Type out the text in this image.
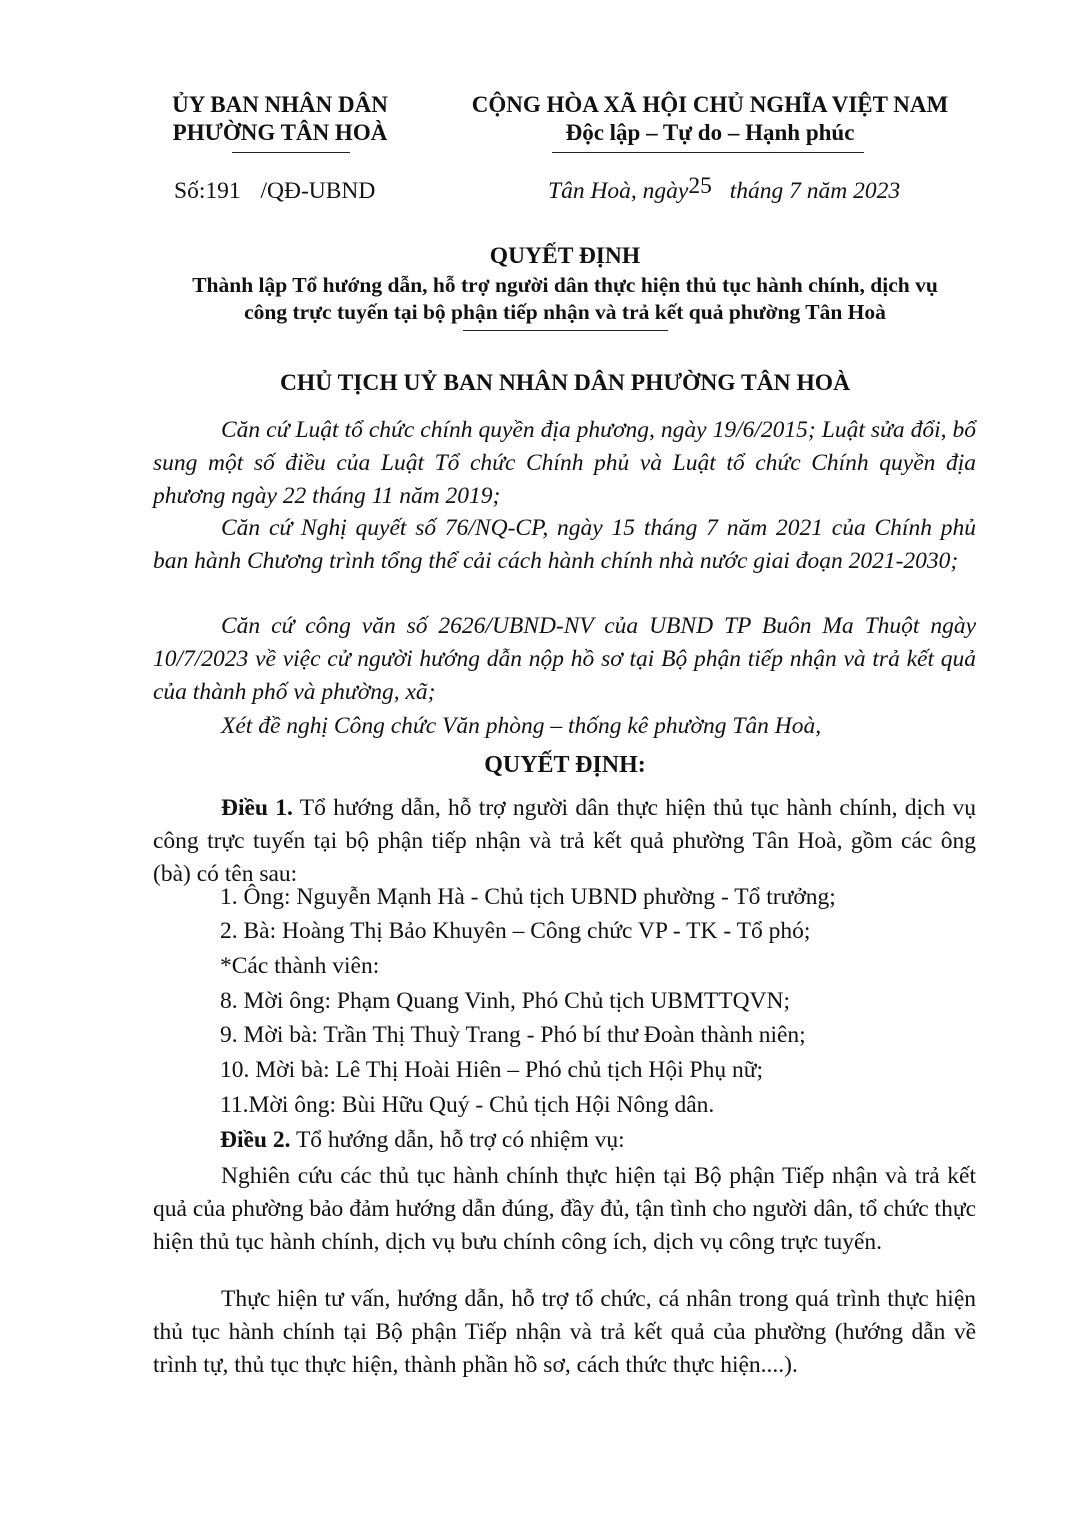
ỦY BAN NHÂN DÂN
PHƯỜNG TÂN HOÀ
CỘNG HÒA XÃ HỘI CHỦ NGHĨA VIỆT NAM
Độc lập – Tự do – Hạnh phúc
Số:191 /QĐ-UBND	Tân Hoà, ngày25 tháng 7 năm 2023
QUYẾT ĐỊNH
Thành lập Tổ hướng dẫn, hỗ trợ người dân thực hiện thủ tục hành chính, dịch vụ
công trực tuyến tại bộ phận tiếp nhận và trả kết quả phường Tân Hoà
CHỦ TỊCH UỶ BAN NHÂN DÂN PHƯỜNG TÂN HOÀ
Căn cứ Luật tổ chức chính quyền địa phương, ngày 19/6/2015; Luật sửa đổi, bổ sung một số điều của Luật Tổ chức Chính phủ và Luật tổ chức Chính quyền địa phương ngày 22 tháng 11 năm 2019;
Căn cứ Nghị quyết số 76/NQ-CP, ngày 15 tháng 7 năm 2021 của Chính phủ ban hành Chương trình tổng thể cải cách hành chính nhà nước giai đoạn 2021-2030;
Căn cứ công văn số 2626/UBND-NV của UBND TP Buôn Ma Thuột ngày 10/7/2023 về việc cử người hướng dẫn nộp hồ sơ tại Bộ phận tiếp nhận và trả kết quả của thành phố và phường, xã;
Xét đề nghị Công chức Văn phòng – thống kê phường Tân Hoà,
QUYẾT ĐỊNH:
Điều 1. Tổ hướng dẫn, hỗ trợ người dân thực hiện thủ tục hành chính, dịch vụ công trực tuyến tại bộ phận tiếp nhận và trả kết quả phường Tân Hoà, gồm các ông (bà) có tên sau:
1. Ông: Nguyễn Mạnh Hà - Chủ tịch UBND phường - Tổ trưởng;
2. Bà: Hoàng Thị Bảo Khuyên – Công chức VP - TK - Tổ phó;
*Các thành viên:
8. Mời ông: Phạm Quang Vinh, Phó Chủ tịch UBMTTQVN;
9. Mời bà: Trần Thị Thuỳ Trang - Phó bí thư Đoàn thành niên;
10. Mời bà: Lê Thị Hoài Hiên – Phó chủ tịch Hội Phụ nữ;
11.Mời ông: Bùi Hữu Quý - Chủ tịch Hội Nông dân.
Điều 2. Tổ hướng dẫn, hỗ trợ có nhiệm vụ:
Nghiên cứu các thủ tục hành chính thực hiện tại Bộ phận Tiếp nhận và trả kết quả của phường bảo đảm hướng dẫn đúng, đầy đủ, tận tình cho người dân, tổ chức thực hiện thủ tục hành chính, dịch vụ bưu chính công ích, dịch vụ công trực tuyến.
Thực hiện tư vấn, hướng dẫn, hỗ trợ tổ chức, cá nhân trong quá trình thực hiện thủ tục hành chính tại Bộ phận Tiếp nhận và trả kết quả của phường (hướng dẫn về trình tự, thủ tục thực hiện, thành phần hồ sơ, cách thức thực hiện....).
